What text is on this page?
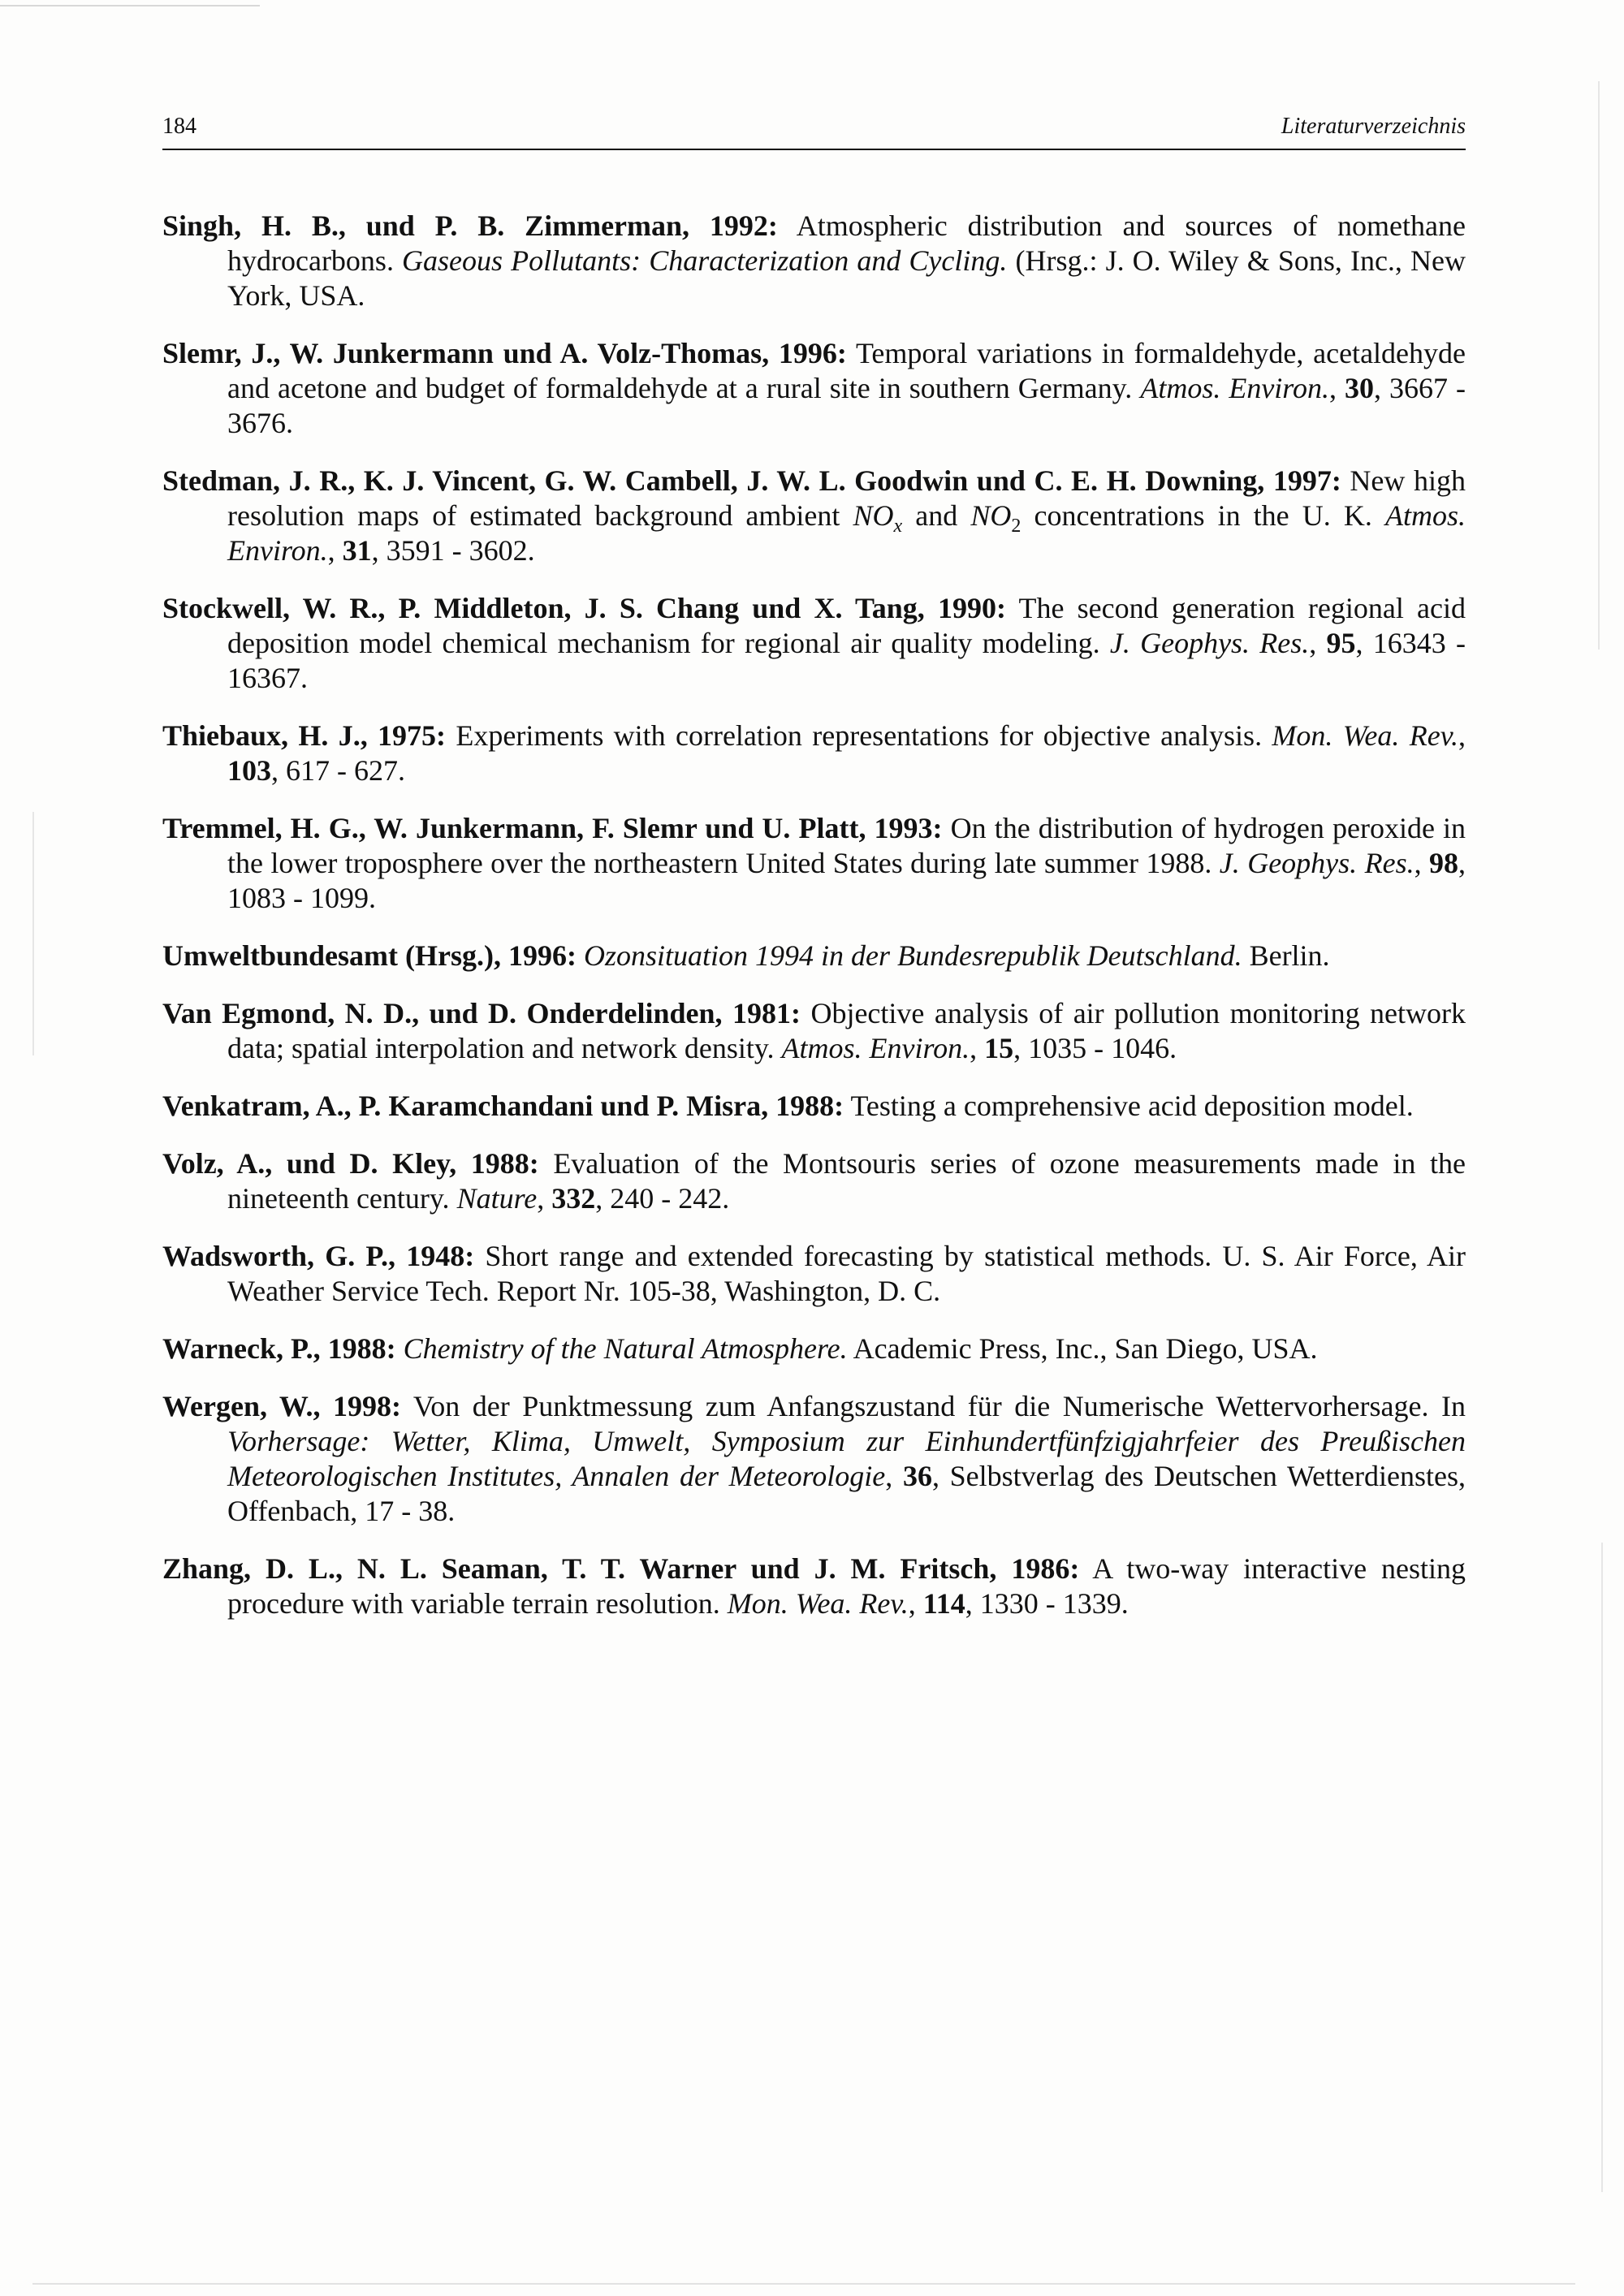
184	Literaturverzeichnis

Singh, H. B., und P. B. Zimmerman, 1992: Atmospheric distribution and sources of nomethane hydrocarbons. Gaseous Pollutants: Characterization and Cycling. (Hrsg.: J. O. Wiley & Sons, Inc., New York, USA.

Slemr, J., W. Junkermann und A. Volz-Thomas, 1996: Temporal variations in formaldehyde, acetaldehyde and acetone and budget of formaldehyde at a rural site in southern Germany. Atmos. Environ., 30, 3667 - 3676.

Stedman, J. R., K. J. Vincent, G. W. Cambell, J. W. L. Goodwin und C. E. H. Downing, 1997: New high resolution maps of estimated background ambient $NO_x$ and $NO_2$ concentrations in the U. K. Atmos. Environ., 31, 3591 - 3602.

Stockwell, W. R., P. Middleton, J. S. Chang und X. Tang, 1990: The second generation regional acid deposition model chemical mechanism for regional air quality modeling. J. Geophys. Res., 95, 16343 - 16367.

Thiebaux, H. J., 1975: Experiments with correlation representations for objective analysis. Mon. Wea. Rev., 103, 617 - 627.

Tremmel, H. G., W. Junkermann, F. Slemr und U. Platt, 1993: On the distribution of hydrogen peroxide in the lower troposphere over the northeastern United States during late summer 1988. J. Geophys. Res., 98, 1083 - 1099.

Umweltbundesamt (Hrsg.), 1996: Ozonsituation 1994 in der Bundesrepublik Deutschland. Berlin.

Van Egmond, N. D., und D. Onderdelinden, 1981: Objective analysis of air pollution monitoring network data; spatial interpolation and network density. Atmos. Environ., 15, 1035 - 1046.

Venkatram, A., P. Karamchandani und P. Misra, 1988: Testing a comprehensive acid deposition model.

Volz, A., und D. Kley, 1988: Evaluation of the Montsouris series of ozone measurements made in the nineteenth century. Nature, 332, 240 - 242.

Wadsworth, G. P., 1948: Short range and extended forecasting by statistical methods. U. S. Air Force, Air Weather Service Tech. Report Nr. 105-38, Washington, D. C.

Warneck, P., 1988: Chemistry of the Natural Atmosphere. Academic Press, Inc., San Diego, USA.

Wergen, W., 1998: Von der Punktmessung zum Anfangszustand für die Numerische Wettervorhersage. In Vorhersage: Wetter, Klima, Umwelt, Symposium zur Einhundertfünfzigjahrfeier des Preußischen Meteorologischen Institutes, Annalen der Meteorologie, 36, Selbstverlag des Deutschen Wetterdienstes, Offenbach, 17 - 38.

Zhang, D. L., N. L. Seaman, T. T. Warner und J. M. Fritsch, 1986: A two-way interactive nesting procedure with variable terrain resolution. Mon. Wea. Rev., 114, 1330 - 1339.
